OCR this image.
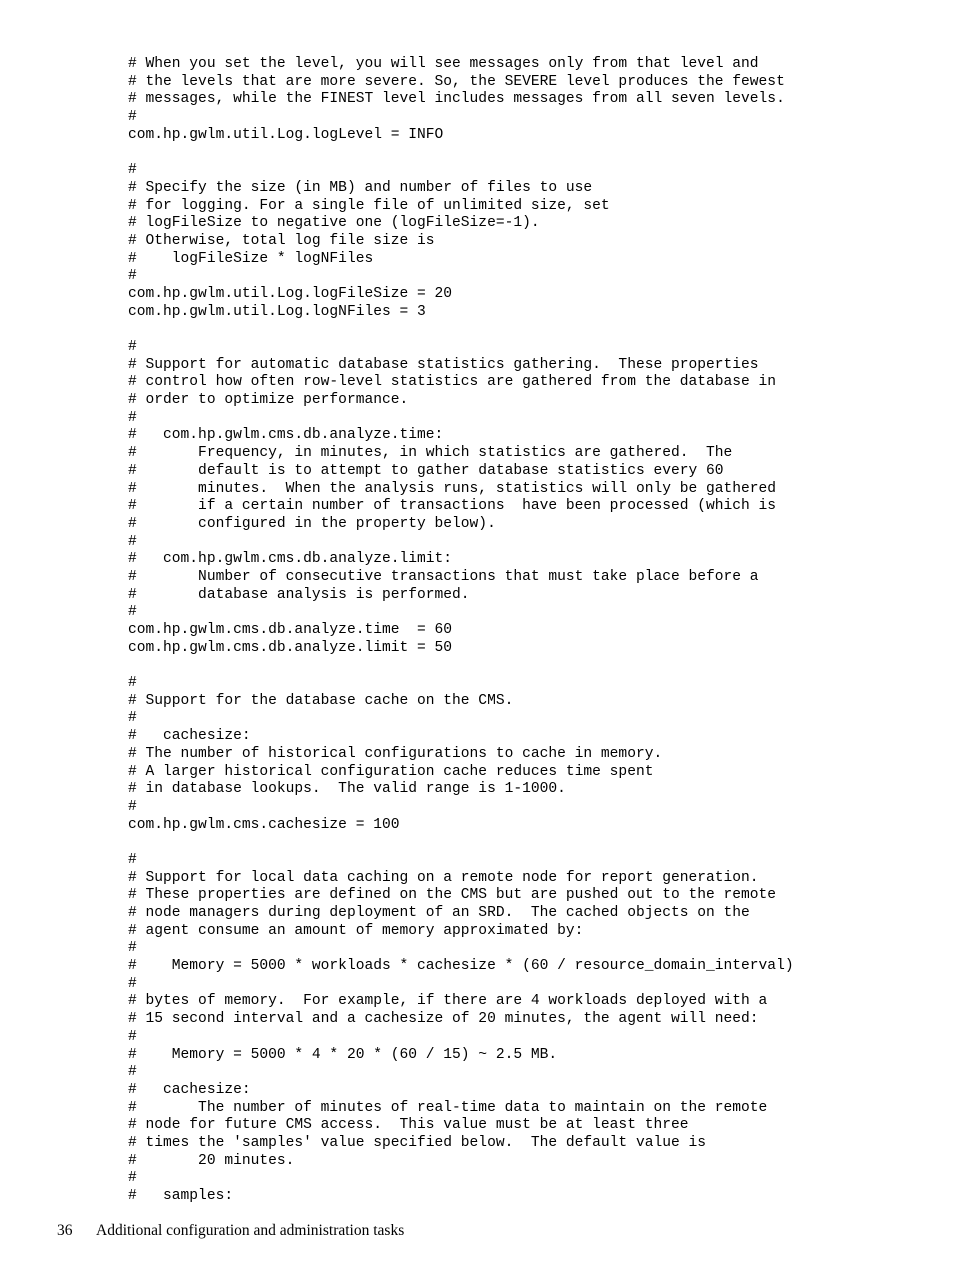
# When you set the level, you will see messages only from that level and
# the levels that are more severe. So, the SEVERE level produces the fewest
# messages, while the FINEST level includes messages from all seven levels.
#
com.hp.gwlm.util.Log.logLevel = INFO
#
# Specify the size (in MB) and number of files to use
# for logging. For a single file of unlimited size, set
# logFileSize to negative one (logFileSize=-1).
# Otherwise, total log file size is
#    logFileSize * logNFiles
#
com.hp.gwlm.util.Log.logFileSize = 20
com.hp.gwlm.util.Log.logNFiles = 3
#
# Support for automatic database statistics gathering.  These properties
# control how often row-level statistics are gathered from the database in
# order to optimize performance.
#
#   com.hp.gwlm.cms.db.analyze.time:
#       Frequency, in minutes, in which statistics are gathered.  The
#       default is to attempt to gather database statistics every 60
#       minutes.  When the analysis runs, statistics will only be gathered
#       if a certain number of transactions  have been processed (which is
#       configured in the property below).
#
#   com.hp.gwlm.cms.db.analyze.limit:
#       Number of consecutive transactions that must take place before a
#       database analysis is performed.
#
com.hp.gwlm.cms.db.analyze.time  = 60
com.hp.gwlm.cms.db.analyze.limit = 50
#
# Support for the database cache on the CMS.
#
#   cachesize:
# The number of historical configurations to cache in memory.
# A larger historical configuration cache reduces time spent
# in database lookups.  The valid range is 1-1000.
#
com.hp.gwlm.cms.cachesize = 100
#
# Support for local data caching on a remote node for report generation.
# These properties are defined on the CMS but are pushed out to the remote
# node managers during deployment of an SRD.  The cached objects on the
# agent consume an amount of memory approximated by:
#
#    Memory = 5000 * workloads * cachesize * (60 / resource_domain_interval)
#
# bytes of memory.  For example, if there are 4 workloads deployed with a
# 15 second interval and a cachesize of 20 minutes, the agent will need:
#
#    Memory = 5000 * 4 * 20 * (60 / 15) ~ 2.5 MB.
#
#   cachesize:
#       The number of minutes of real-time data to maintain on the remote
# node for future CMS access.  This value must be at least three
# times the 'samples' value specified below.  The default value is
#       20 minutes.
#
#   samples:
36 Additional configuration and administration tasks
